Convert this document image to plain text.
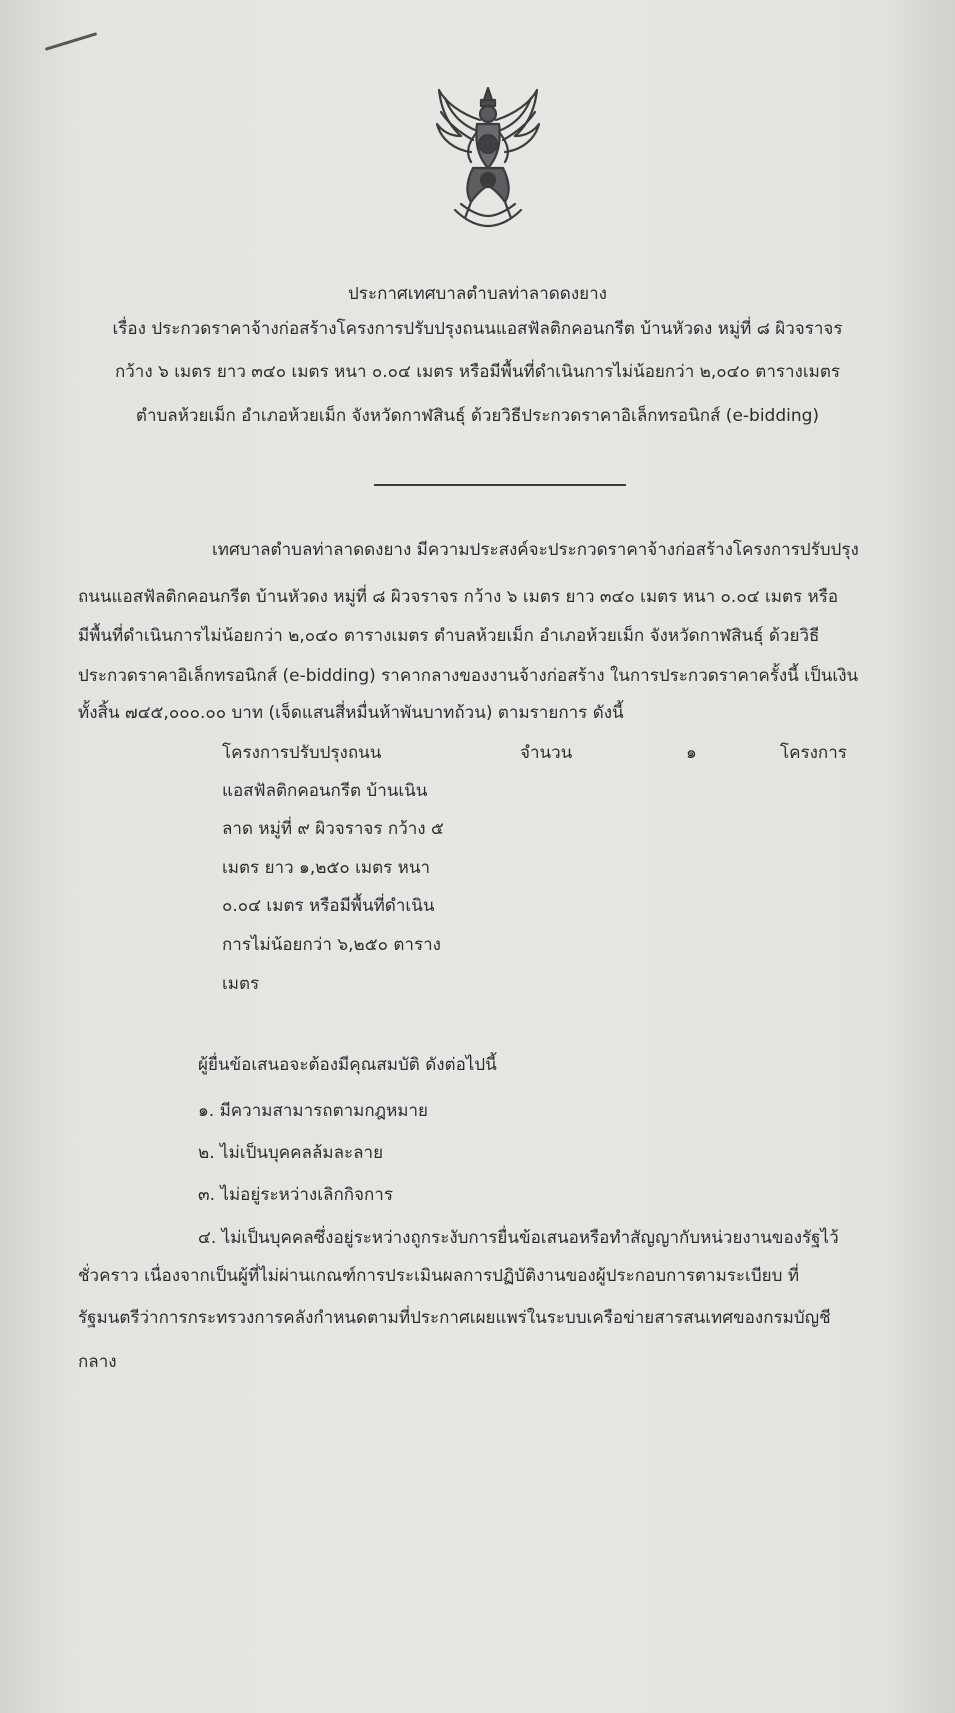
ประกาศเทศบาลตำบลท่าลาดดงยาง
เรื่อง ประกวดราคาจ้างก่อสร้างโครงการปรับปรุงถนนแอสฟัลติกคอนกรีต บ้านหัวดง หมู่ที่ ๘ ผิวจราจร
กว้าง ๖ เมตร ยาว ๓๔๐ เมตร หนา ๐.๐๔ เมตร หรือมีพื้นที่ดำเนินการไม่น้อยกว่า ๒,๐๔๐ ตารางเมตร
ตำบลห้วยเม็ก อำเภอห้วยเม็ก จังหวัดกาฬสินธุ์ ด้วยวิธีประกวดราคาอิเล็กทรอนิกส์ (e-bidding)
เทศบาลตำบลท่าลาดดงยาง มีความประสงค์จะประกวดราคาจ้างก่อสร้างโครงการปรับปรุง
ถนนแอสฟัลติกคอนกรีต บ้านหัวดง หมู่ที่ ๘ ผิวจราจร กว้าง ๖ เมตร ยาว ๓๔๐ เมตร หนา ๐.๐๔ เมตร หรือ
มีพื้นที่ดำเนินการไม่น้อยกว่า ๒,๐๔๐ ตารางเมตร ตำบลห้วยเม็ก อำเภอห้วยเม็ก จังหวัดกาฬสินธุ์ ด้วยวิธี
ประกวดราคาอิเล็กทรอนิกส์ (e-bidding) ราคากลางของงานจ้างก่อสร้าง ในการประกวดราคาครั้งนี้ เป็นเงิน
ทั้งสิ้น ๗๔๕,๐๐๐.๐๐ บาท (เจ็ดแสนสี่หมื่นห้าพันบาทถ้วน) ตามรายการ ดังนี้
โครงการปรับปรุงถนน	จำนวน	๑	โครงการ
แอสฟัลติกคอนกรีต บ้านเนิน
ลาด หมู่ที่ ๙ ผิวจราจร กว้าง ๕
เมตร ยาว ๑,๒๕๐ เมตร หนา
๐.๐๔ เมตร หรือมีพื้นที่ดำเนิน
การไม่น้อยกว่า ๖,๒๕๐ ตาราง
เมตร
ผู้ยื่นข้อเสนอจะต้องมีคุณสมบัติ ดังต่อไปนี้
๑. มีความสามารถตามกฎหมาย
๒. ไม่เป็นบุคคลล้มละลาย
๓. ไม่อยู่ระหว่างเลิกกิจการ
๔. ไม่เป็นบุคคลซึ่งอยู่ระหว่างถูกระงับการยื่นข้อเสนอหรือทำสัญญากับหน่วยงานของรัฐไว้
ชั่วคราว เนื่องจากเป็นผู้ที่ไม่ผ่านเกณฑ์การประเมินผลการปฏิบัติงานของผู้ประกอบการตามระเบียบ ที่
รัฐมนตรีว่าการกระทรวงการคลังกำหนดตามที่ประกาศเผยแพร่ในระบบเครือข่ายสารสนเทศของกรมบัญชี
กลาง
